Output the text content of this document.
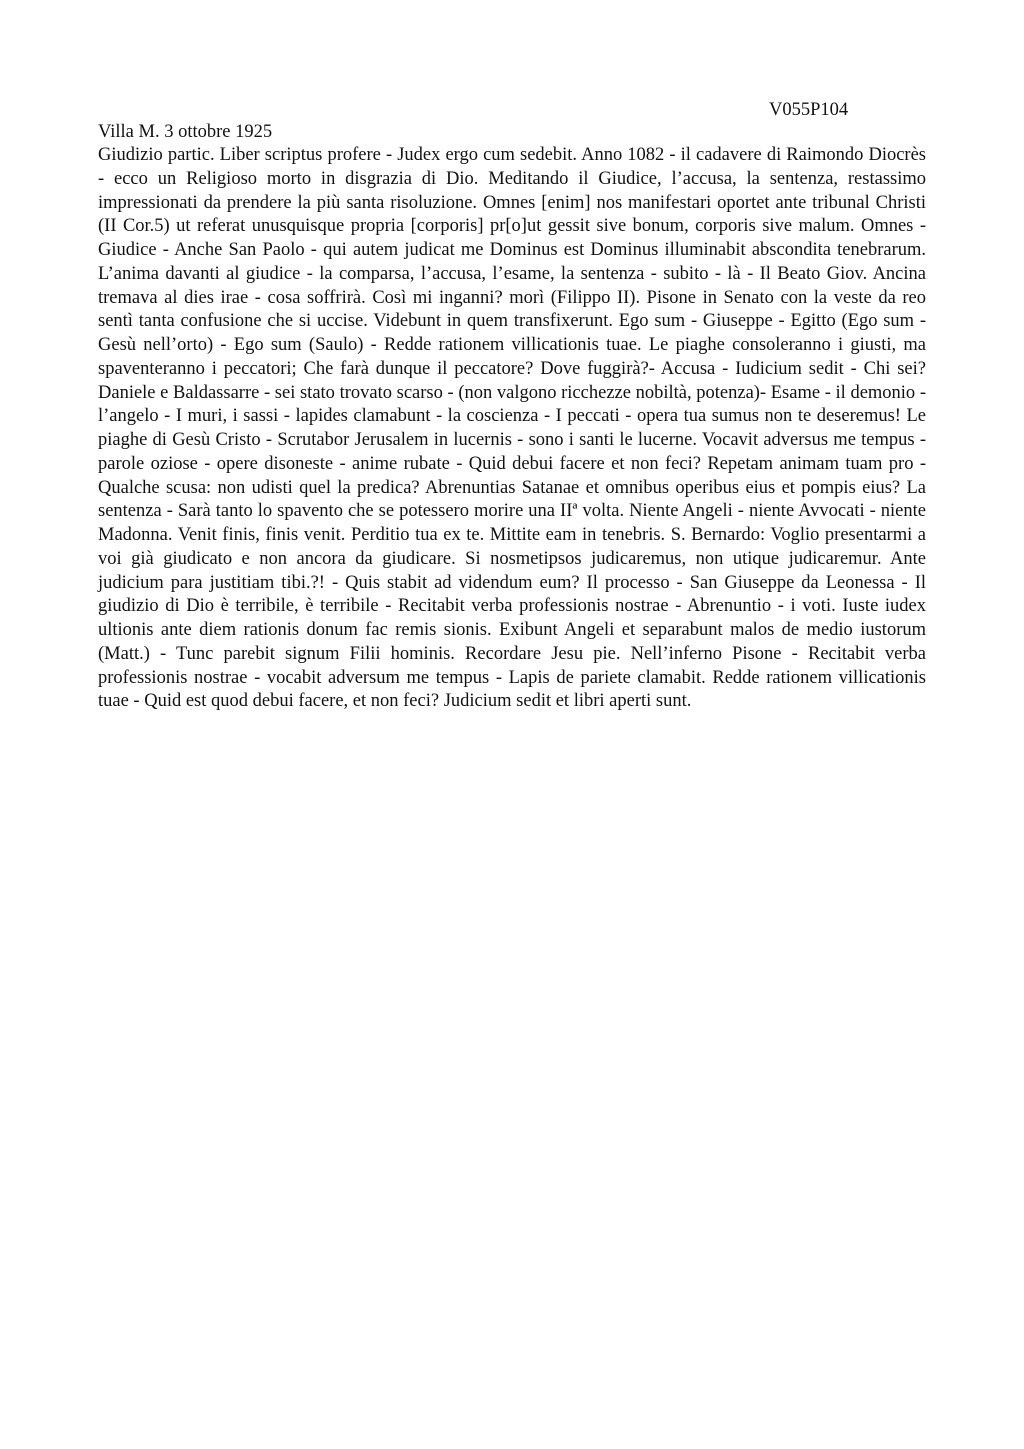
V055P104

Villa M. 3 ottobre 1925

Giudizio partic. Liber scriptus profere - Judex ergo cum sedebit. Anno 1082 - il cadavere di Raimondo Diocrès - ecco un Religioso morto in disgrazia di Dio. Meditando il Giudice, l’accusa, la sentenza, restassimo impressionati da prendere la più santa risoluzione. Omnes [enim] nos manifestari oportet ante tribunal Christi (II Cor.5) ut referat unusquisque propria [corporis] pr[o]ut gessit sive bonum, corporis sive malum. Omnes - Giudice - Anche San Paolo - qui autem judicat me Dominus est Dominus illuminabit abscondita tenebrarum. L’anima davanti al giudice - la comparsa, l’accusa, l’esame, la sentenza - subito - là - Il Beato Giov. Ancina tremava al dies irae - cosa soffrirà. Così mi inganni? morì (Filippo II). Pisone in Senato con la veste da reo sentì tanta confusione che si uccise. Videbunt in quem transfixerunt. Ego sum - Giuseppe - Egitto (Ego sum - Gesù nell’orto) - Ego sum (Saulo) - Redde rationem villicationis tuae. Le piaghe consoleranno i giusti, ma spaventeranno i peccatori; Che farà dunque il peccatore? Dove fuggirà?- Accusa - Iudicium sedit - Chi sei? Daniele e Baldassarre - sei stato trovato scarso - (non valgono ricchezze nobiltà, potenza)- Esame - il demonio - l’angelo - I muri, i sassi - lapides clamabunt - la coscienza - I peccati - opera tua sumus non te deseremus! Le piaghe di Gesù Cristo - Scrutabor Jerusalem in lucernis - sono i santi le lucerne. Vocavit adversus me tempus - parole oziose - opere disoneste - anime rubate - Quid debui facere et non feci? Repetam animam tuam pro - Qualche scusa: non udisti quel la predica? Abrenuntias Satanae et omnibus operibus eius et pompis eius? La sentenza - Sarà tanto lo spavento che se potessero morire una IIª volta. Niente Angeli - niente Avvocati - niente Madonna. Venit finis, finis venit. Perditio tua ex te. Mittite eam in tenebris. S. Bernardo: Voglio presentarmi a voi già giudicato e non ancora da giudicare. Si nosmetipsos judicaremus, non utique judicaremur. Ante judicium para justitiam tibi.?! - Quis stabit ad videndum eum? Il processo - San Giuseppe da Leonessa - Il giudizio di Dio è terribile, è terribile - Recitabit verba professionis nostrae - Abrenuntio - i voti. Iuste iudex ultionis ante diem rationis donum fac remis sionis. Exibunt Angeli et separabunt malos de medio iustorum (Matt.) - Tunc parebit signum Filii hominis. Recordare Jesu pie. Nell’inferno Pisone - Recitabit verba professionis nostrae - vocabit adversum me tempus - Lapis de pariete clamabit. Redde rationem villicationis tuae - Quid est quod debui facere, et non feci? Judicium sedit et libri aperti sunt.
